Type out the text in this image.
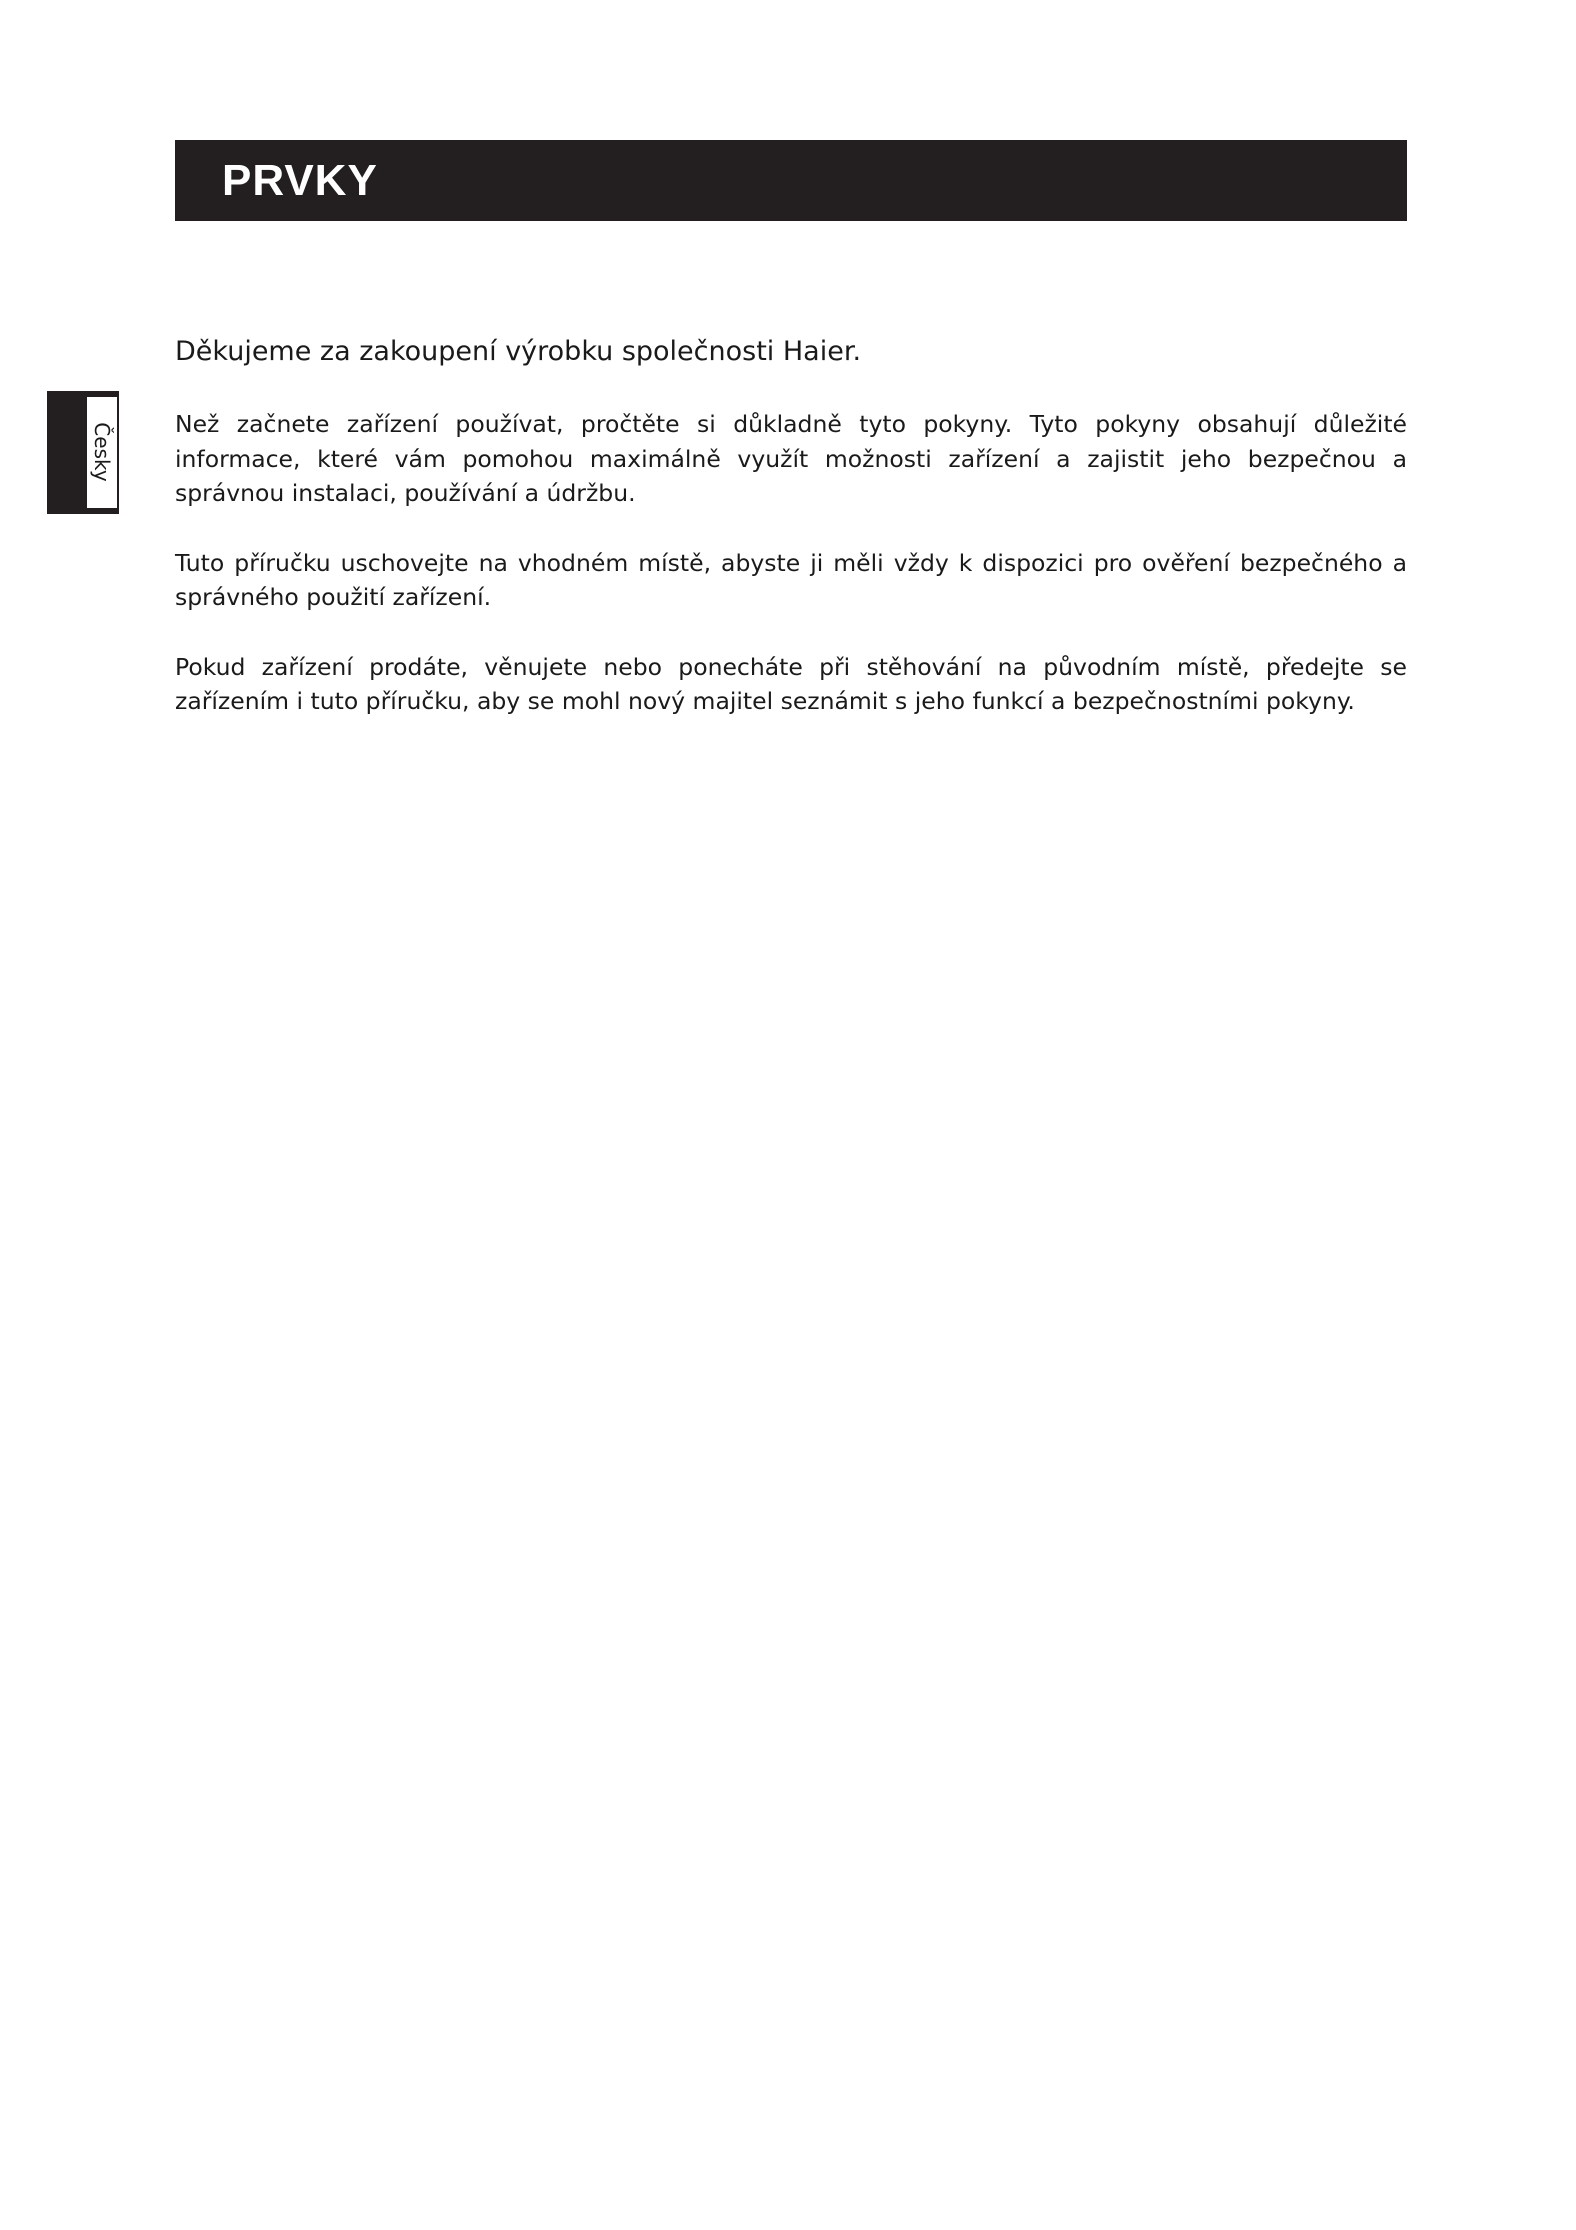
PRVKY
Česky

Děkujeme za zakoupení výrobku společnosti Haier.

Než začnete zařízení používat, pročtěte si důkladně tyto pokyny. Tyto pokyny obsahují důležité informace, které vám pomohou maximálně využít možnosti zařízení a zajistit jeho bezpečnou a správnou instalaci, používání a údržbu.

Tuto příručku uschovejte na vhodném místě, abyste ji měli vždy k dispozici pro ověření bezpečného a správného použití zařízení.

Pokud zařízení prodáte, věnujete nebo ponecháte při stěhování na původním místě, předejte se zařízením i tuto příručku, aby se mohl nový majitel seznámit s jeho funkcí a bezpečnostními pokyny.
